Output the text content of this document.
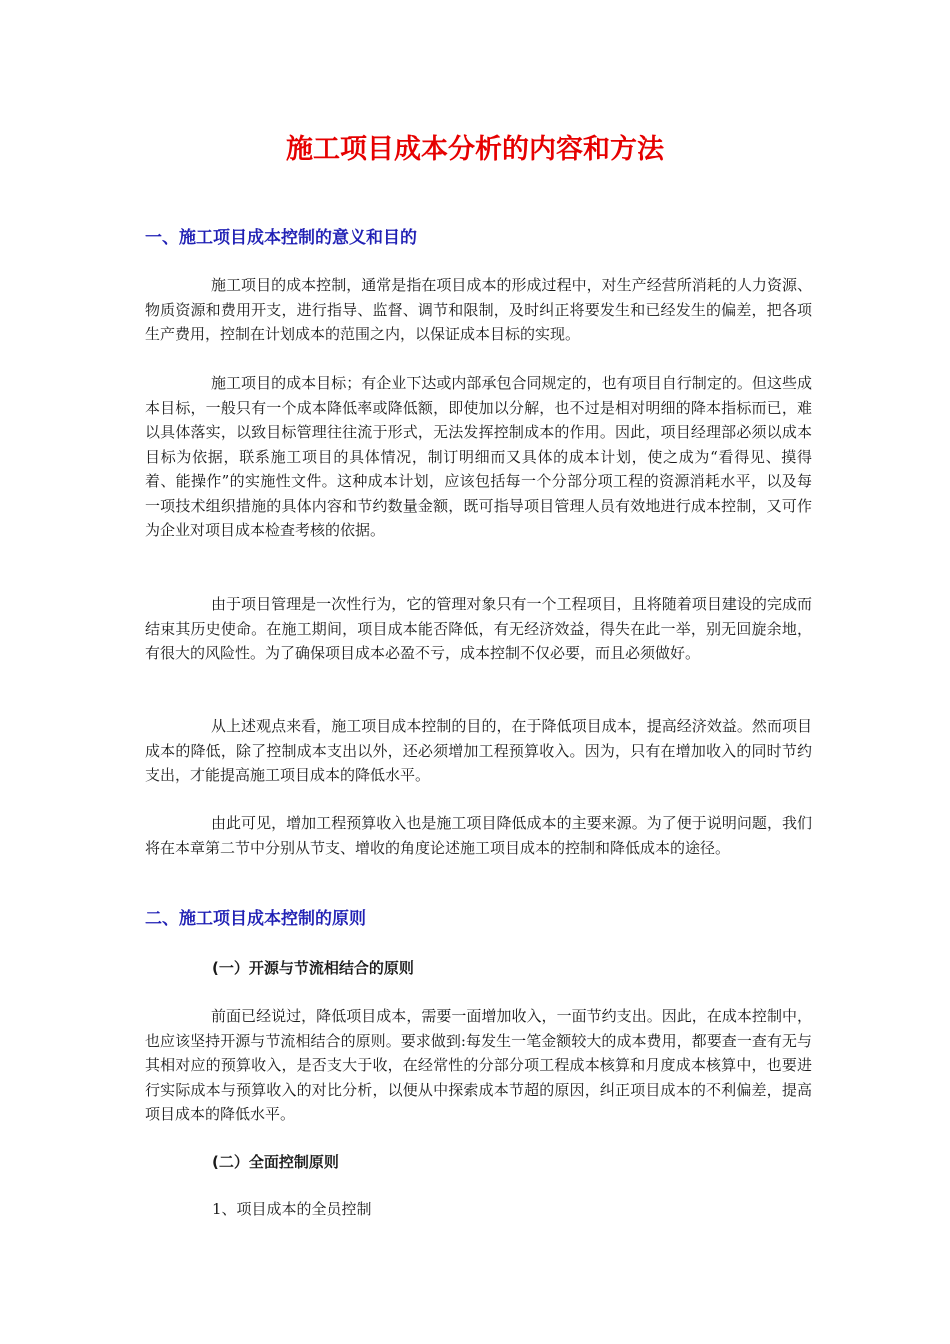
施工项目成本分析的内容和方法
一、施工项目成本控制的意义和目的

施工项目的成本控制，通常是指在项目成本的形成过程中，对生产经营所消耗的人力资源、物质资源和费用开支，进行指导、监督、调节和限制，及时纠正将要发生和已经发生的偏差，把各项生产费用，控制在计划成本的范围之内，以保证成本目标的实现。

施工项目的成本目标；有企业下达或内部承包合同规定的，也有项目自行制定的。但这些成本目标，一般只有一个成本降低率或降低额，即使加以分解，也不过是相对明细的降本指标而已，难以具体落实，以致目标管理往往流于形式，无法发挥控制成本的作用。因此，项目经理部必须以成本目标为依据，联系施工项目的具体情况，制订明细而又具体的成本计划，使之成为“看得见、摸得着、能操作”的实施性文件。这种成本计划，应该包括每一个分部分项工程的资源消耗水平，以及每一项技术组织措施的具体内容和节约数量金额，既可指导项目管理人员有效地进行成本控制，又可作为企业对项目成本检查考核的依据。

由于项目管理是一次性行为，它的管理对象只有一个工程项目，且将随着项目建设的完成而结束其历史使命。在施工期间，项目成本能否降低，有无经济效益，得失在此一举，别无回旋余地，有很大的风险性。为了确保项目成本必盈不亏，成本控制不仅必要，而且必须做好。

从上述观点来看，施工项目成本控制的目的，在于降低项目成本，提高经济效益。然而项目成本的降低，除了控制成本支出以外，还必须增加工程预算收入。因为，只有在增加收入的同时节约支出，才能提高施工项目成本的降低水平。

由此可见，增加工程预算收入也是施工项目降低成本的主要来源。为了便于说明问题，我们将在本章第二节中分别从节支、增收的角度论述施工项目成本的控制和降低成本的途径。

二、施工项目成本控制的原则
(一）开源与节流相结合的原则

前面已经说过，降低项目成本，需要一面增加收入，一面节约支出。因此，在成本控制中，也应该坚持开源与节流相结合的原则。要求做到:每发生一笔金额较大的成本费用，都要查一查有无与其相对应的预算收入，是否支大于收，在经常性的分部分项工程成本核算和月度成本核算中，也要进行实际成本与预算收入的对比分析，以便从中探索成本节超的原因，纠正项目成本的不利偏差，提高项目成本的降低水平。

(二）全面控制原则
1、项目成本的全员控制
